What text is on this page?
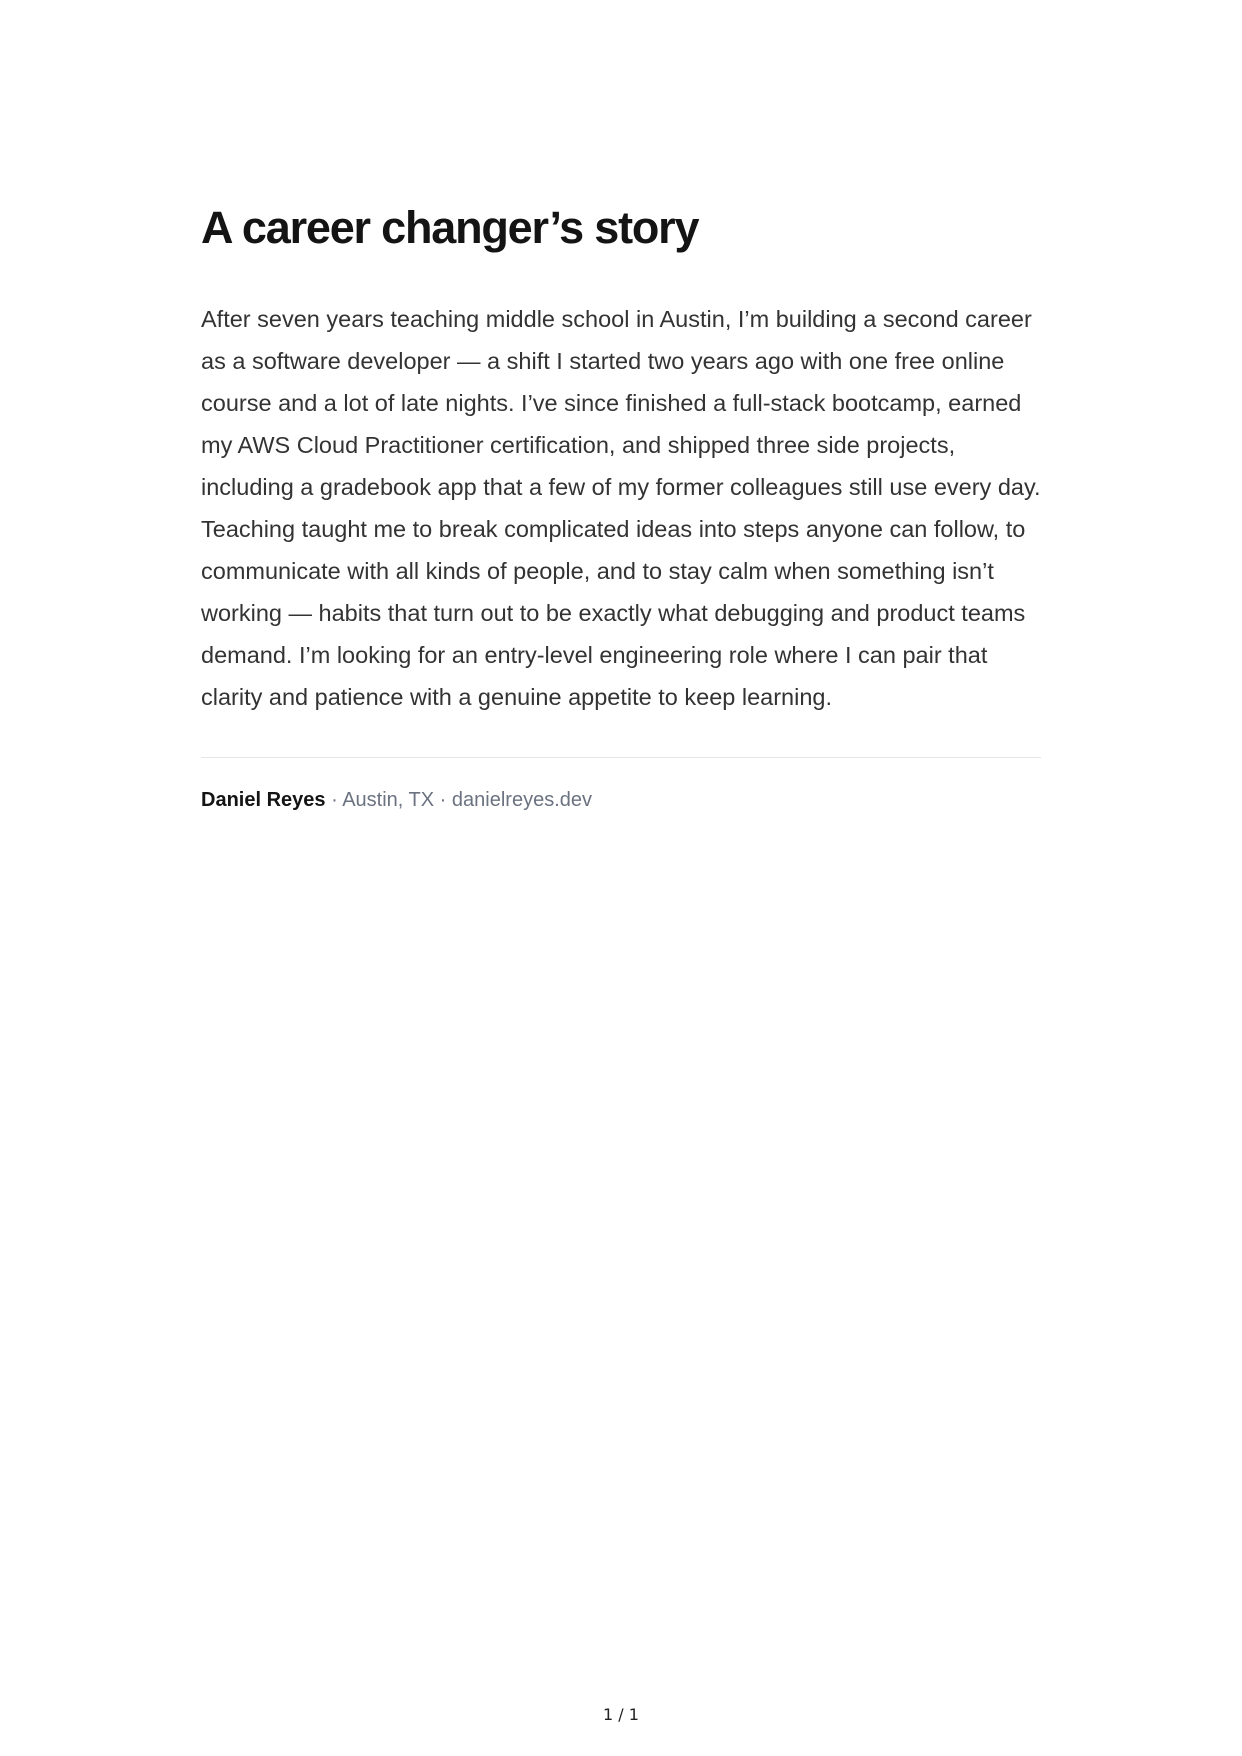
A career changer’s story

After seven years teaching middle school in Austin, I’m building a second career as a software developer — a shift I started two years ago with one free online course and a lot of late nights. I’ve since finished a full-stack bootcamp, earned my AWS Cloud Practitioner certification, and shipped three side projects, including a gradebook app that a few of my former colleagues still use every day. Teaching taught me to break complicated ideas into steps anyone can follow, to communicate with all kinds of people, and to stay calm when something isn’t working — habits that turn out to be exactly what debugging and product teams demand. I’m looking for an entry-level engineering role where I can pair that clarity and patience with a genuine appetite to keep learning.

Daniel Reyes · Austin, TX · danielreyes.dev
1 / 1
